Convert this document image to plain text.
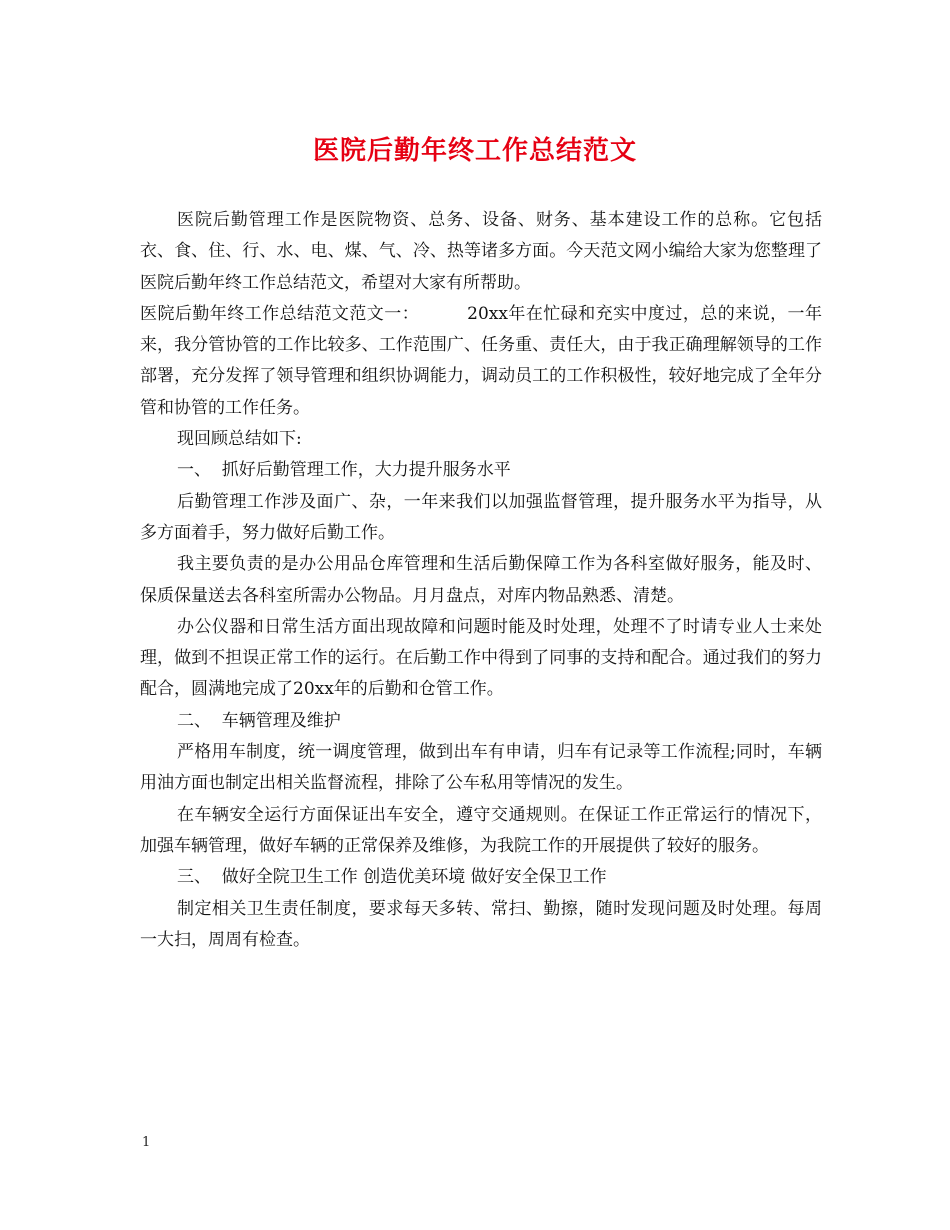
医院后勤年终工作总结范文

医院后勤管理工作是医院物资、总务、设备、财务、基本建设工作的总称。它包括衣、食、住、行、水、电、煤、气、冷、热等诸多方面。今天范文网小编给大家为您整理了医院后勤年终工作总结范文，希望对大家有所帮助。

医院后勤年终工作总结范文范文一：	20xx年在忙碌和充实中度过，总的来说，一年来，我分管协管的工作比较多、工作范围广、任务重、责任大，由于我正确理解领导的工作部署，充分发挥了领导管理和组织协调能力，调动员工的工作积极性，较好地完成了全年分管和协管的工作任务。

现回顾总结如下:

一、  抓好后勤管理工作，大力提升服务水平

后勤管理工作涉及面广、杂，一年来我们以加强监督管理，提升服务水平为指导，从多方面着手，努力做好后勤工作。

我主要负责的是办公用品仓库管理和生活后勤保障工作为各科室做好服务，能及时、保质保量送去各科室所需办公物品。月月盘点，对库内物品熟悉、清楚。

办公仪器和日常生活方面出现故障和问题时能及时处理，处理不了时请专业人士来处理，做到不担误正常工作的运行。在后勤工作中得到了同事的支持和配合。通过我们的努力配合，圆满地完成了20xx年的后勤和仓管工作。

二、  车辆管理及维护

严格用车制度，统一调度管理，做到出车有申请，归车有记录等工作流程;同时，车辆用油方面也制定出相关监督流程，排除了公车私用等情况的发生。

在车辆安全运行方面保证出车安全，遵守交通规则。在保证工作正常运行的情况下，加强车辆管理，做好车辆的正常保养及维修，为我院工作的开展提供了较好的服务。

三、  做好全院卫生工作 创造优美环境 做好安全保卫工作

制定相关卫生责任制度，要求每天多转、常扫、勤擦，随时发现问题及时处理。每周一大扫，周周有检查。

1
